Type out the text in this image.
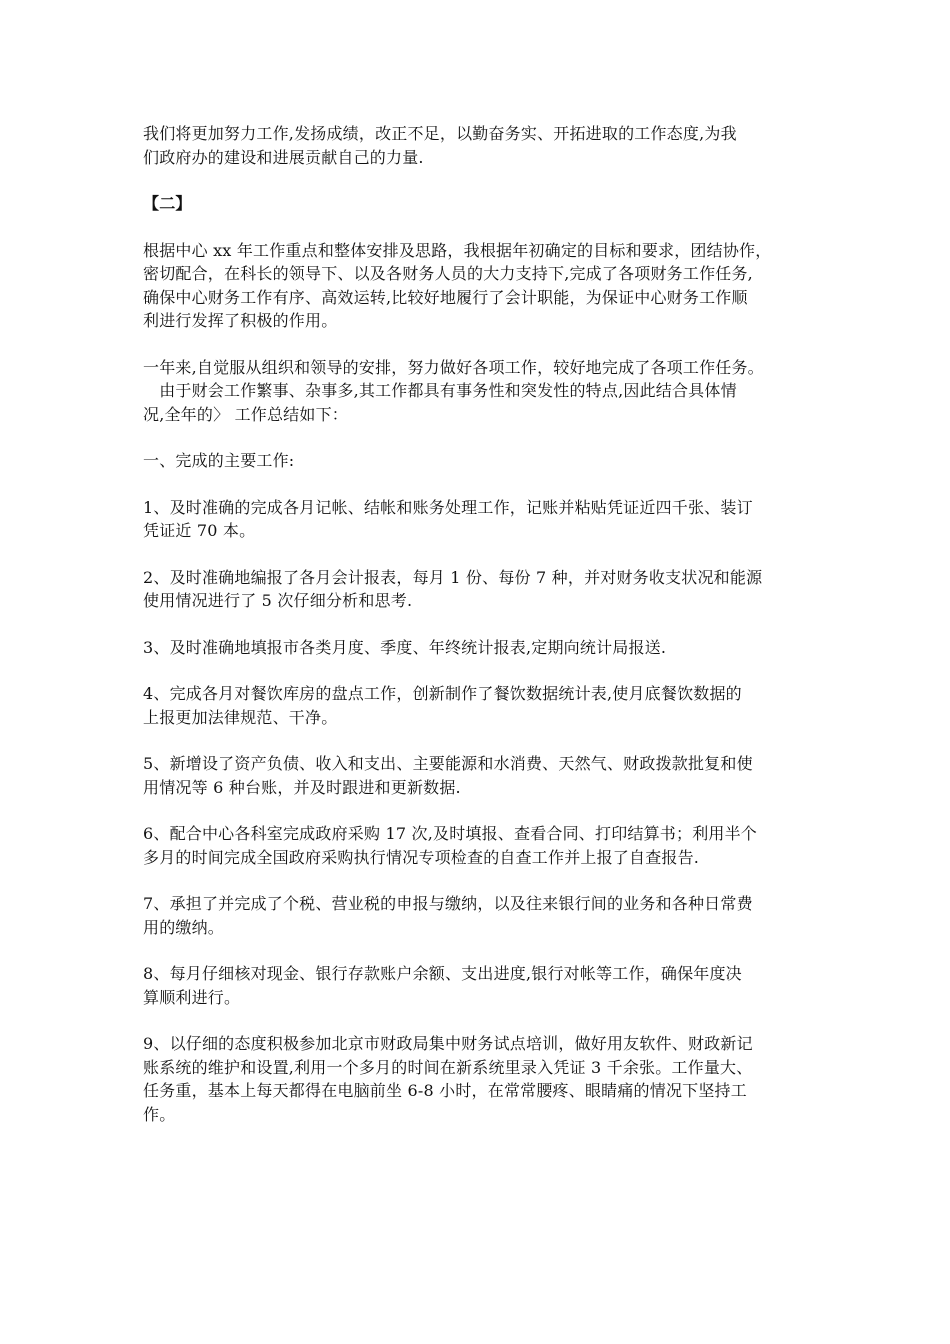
我们将更加努力工作,发扬成绩，改正不足，以勤奋务实、开拓进取的工作态度,为我
们政府办的建设和进展贡献自己的力量.
【二】
根据中心 xx 年工作重点和整体安排及思路，我根据年初确定的目标和要求，团结协作，
密切配合，在科长的领导下、以及各财务人员的大力支持下,完成了各项财务工作任务,
确保中心财务工作有序、高效运转,比较好地履行了会计职能，为保证中心财务工作顺
利进行发挥了积极的作用。
一年来,自觉服从组织和领导的安排，努力做好各项工作，较好地完成了各项工作任务。
　由于财会工作繁事、杂事多,其工作都具有事务性和突发性的特点,因此结合具体情
况,全年的〉 工作总结如下：
一、完成的主要工作:
1、及时准确的完成各月记帐、结帐和账务处理工作，记账并粘贴凭证近四千张、装订
凭证近 70 本。
2、及时准确地编报了各月会计报表，每月 1 份、每份 7 种，并对财务收支状况和能源
使用情况进行了 5 次仔细分析和思考.
3、及时准确地填报市各类月度、季度、年终统计报表,定期向统计局报送.
4、完成各月对餐饮库房的盘点工作，创新制作了餐饮数据统计表,使月底餐饮数据的
上报更加法律规范、干净。
5、新增设了资产负债、收入和支出、主要能源和水消费、天然气、财政拨款批复和使
用情况等 6 种台账，并及时跟进和更新数据.
6、配合中心各科室完成政府采购 17 次,及时填报、查看合同、打印结算书；利用半个
多月的时间完成全国政府采购执行情况专项检查的自查工作并上报了自查报告.
7、承担了并完成了个税、营业税的申报与缴纳，以及往来银行间的业务和各种日常费
用的缴纳。
8、每月仔细核对现金、银行存款账户余额、支出进度,银行对帐等工作，确保年度决
算顺利进行。
9、以仔细的态度积极参加北京市财政局集中财务试点培训，做好用友软件、财政新记
账系统的维护和设置,利用一个多月的时间在新系统里录入凭证 3 千余张。工作量大、
任务重，基本上每天都得在电脑前坐 6-8 小时，在常常腰疼、眼睛痛的情况下坚持工
作。
